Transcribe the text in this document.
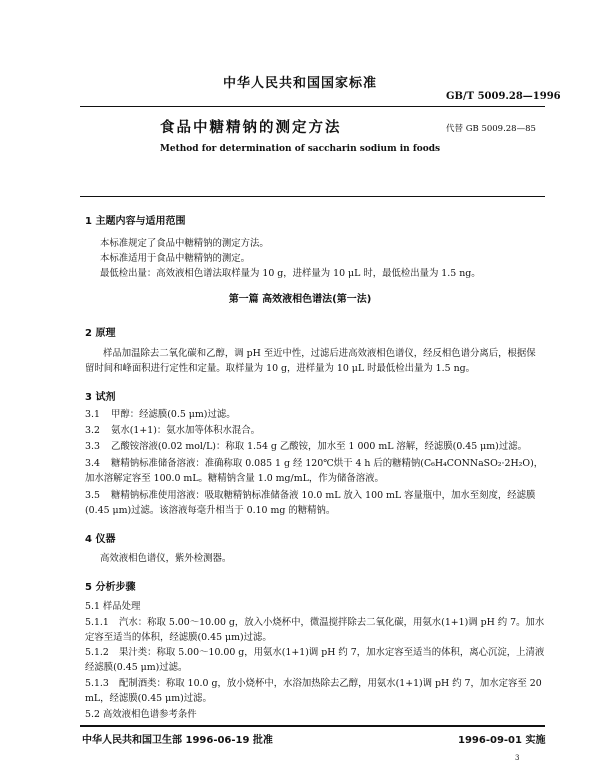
中华人民共和国国家标准
GB/T 5009.28—1996
食品中糖精钠的测定方法	代替 GB 5009.28—85
Method for determination of saccharin sodium in foods
1 主题内容与适用范围
本标准规定了食品中糖精钠的测定方法。
本标准适用于食品中糖精钠的测定。
最低检出量：高效液相色谱法取样量为 10 g，进样量为 10 μL 时，最低检出量为 1.5 ng。
第一篇 高效液相色谱法(第一法)
2 原理
样品加温除去二氧化碳和乙醇，调 pH 至近中性，过滤后进高效液相色谱仪，经反相色谱分离后，根据保留时间和峰面积进行定性和定量。取样量为 10 g，进样量为 10 μL 时最低检出量为 1.5 ng。
3 试剂
3.1 甲醇：经滤膜(0.5 μm)过滤。
3.2 氨水(1+1)：氨水加等体积水混合。
3.3 乙酸铵溶液(0.02 mol/L)：称取 1.54 g 乙酸铵，加水至 1 000 mL 溶解，经滤膜(0.45 μm)过滤。
3.4 糖精钠标准储备溶液：准确称取 0.085 1 g 经 120℃烘干 4 h 后的糖精钠(C₆H₄CONNaSO₂·2H₂O)，加水溶解定容至 100.0 mL。糖精钠含量 1.0 mg/mL，作为储备溶液。
3.5 糖精钠标准使用溶液：吸取糖精钠标准储备液 10.0 mL 放入 100 mL 容量瓶中，加水至刻度，经滤膜(0.45 μm)过滤。该溶液每毫升相当于 0.10 mg 的糖精钠。
4 仪器
高效液相色谱仪，紫外检测器。
5 分析步骤
5.1 样品处理
5.1.1 汽水：称取 5.00～10.00 g，放入小烧杯中，微温搅拌除去二氧化碳，用氨水(1+1)调 pH 约 7。加水定容至适当的体积，经滤膜(0.45 μm)过滤。
5.1.2 果汁类：称取 5.00～10.00 g，用氨水(1+1)调 pH 约 7，加水定容至适当的体积，离心沉淀，上清液经滤膜(0.45 μm)过滤。
5.1.3 配制酒类：称取 10.0 g，放小烧杯中，水浴加热除去乙醇，用氨水(1+1)调 pH 约 7，加水定容至 20 mL，经滤膜(0.45 μm)过滤。
5.2 高效液相色谱参考条件
中华人民共和国卫生部 1996-06-19 批准	1996-09-01 实施
3
